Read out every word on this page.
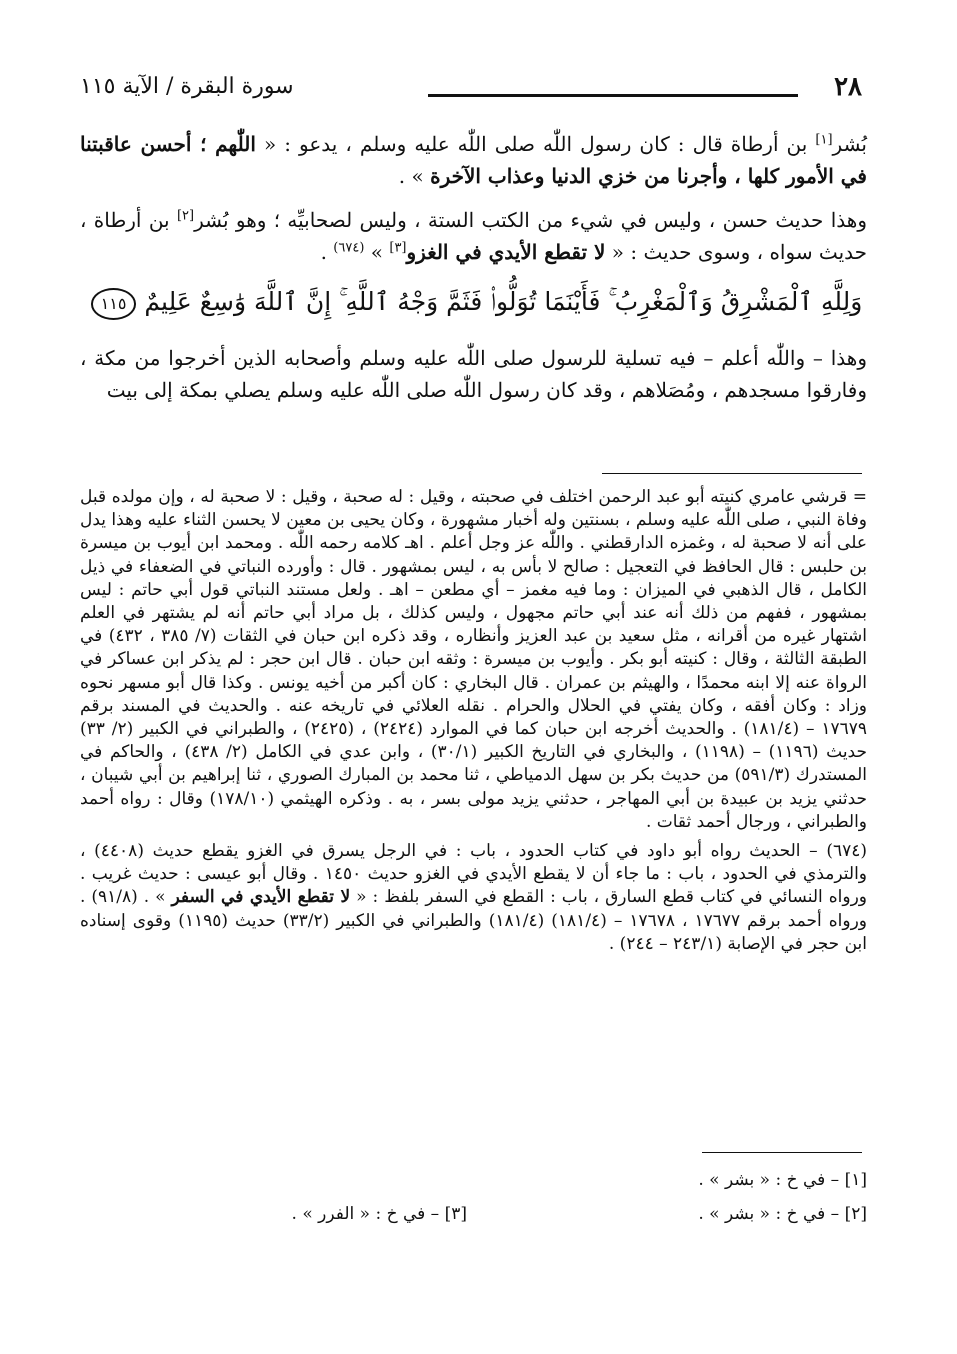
٢٨
سورة البقرة / الآية ١١٥

بُشر[١] بن أرطاة قال : كان رسول اللّٰه صلى اللّٰه عليه وسلم ، يدعو : « اللّٰهم ؛ أحسن عاقبتنا في الأمور كلها ، وأجرنا من خزي الدنيا وعذاب الآخرة » .

وهذا حديث حسن ، وليس في شيء من الكتب الستة ، وليس لصحابيِّه ؛ وهو بُشر[٢] بن أرطاة ، حديث سواه ، وسوى حديث : « لا تقطع الأيدي في الغزو[٣] » $^{(٦٧٤)}$ .

وَلِلَّهِ ٱلْمَشْرِقُ وَٱلْمَغْرِبُ ۚ فَأَيْنَمَا تُوَلُّوا۟ فَثَمَّ وَجْهُ ٱللَّهِ ۚ إِنَّ ٱللَّهَ وَٰسِعٌ عَلِيمٌ ١١٥

وهذا – واللّٰه أعلم – فيه تسلية للرسول صلى اللّٰه عليه وسلم وأصحابه الذين أخرجوا من مكة ، وفارقوا مسجدهم ، ومُصَلاهم ، وقد كان رسول اللّٰه صلى اللّٰه عليه وسلم يصلي بمكة إلى بيت

= قرشي عامري كنيته أبو عبد الرحمن اختلف في صحبته ، وقيل : له صحبة ، وقيل : لا صحبة له ، وإن مولده قبل وفاة النبي ، صلى اللّٰه عليه وسلم ، بسنتين وله أخبار مشهورة ، وكان يحيى بن معين لا يحسن الثناء عليه وهذا يدل على أنه لا صحبة له ، وغمزه الدارقطني . واللّٰه عز وجل أعلم . اهـ كلامه رحمه اللّٰه . ومحمد ابن أيوب بن ميسرة بن حلبس : قال الحافظ في التعجيل : صالح لا بأس به ، ليس بمشهور . قال : وأورده النباتي في الضعفاء في ذيل الكامل ، قال الذهبي في الميزان : وما فيه مغمز – أي مطعن – اهـ . ولعل مستند النباتي قول أبي حاتم : ليس بمشهور ، ففهم من ذلك أنه عند أبي حاتم مجهول ، وليس كذلك ، بل مراد أبي حاتم أنه لم يشتهر في العلم اشتهار غيره من أقرانه ، مثل سعيد بن عبد العزيز وأنظاره ، وقد ذكره ابن حبان في الثقات (٧/ ٣٨٥ ، ٤٣٢) في الطبقة الثالثة ، وقال : كنيته أبو بكر . وأيوب بن ميسرة : وثقه ابن حبان . قال ابن حجر : لم يذكر ابن عساكر في الرواة عنه إلا ابنه محمدًا ، والهيثم بن عمران . قال البخاري : كان أكبر من أخيه يونس . وكذا قال أبو مسهر نحوه وزاد : وكان أفقه ، وكان يفتي في الحلال والحرام . نقله العلائي في تاريخه عنه . والحديث في المسند برقم ١٧٦٧٩ – (١٨١/٤) . والحديث أخرجه ابن حبان كما في الموارد (٢٤٢٤) ، (٢٤٢٥) ، والطبراني في الكبير (٢/ ٣٣) حديث (١١٩٦) – (١١٩٨) ، والبخاري في التاريخ الكبير (٣٠/١) ، وابن عدي في الكامل (٢/ ٤٣٨) ، والحاكم في المستدرك (٥٩١/٣) من حديث بكر بن سهل الدمياطي ، ثنا محمد بن المبارك الصوري ، ثنا إبراهيم بن أبي شيبان ، حدثني يزيد بن عبيدة بن أبي المهاجر ، حدثني يزيد مولى بسر ، به . وذكره الهيثمي (١٧٨/١٠) وقال : رواه أحمد والطبراني ، ورجال أحمد ثقات .

(٦٧٤) – الحديث رواه أبو داود في كتاب الحدود ، باب : في الرجل يسرق في الغزو يقطع حديث (٤٤٠٨) ، والترمذي في الحدود ، باب : ما جاء أن لا يقطع الأيدي في الغزو حديث ١٤٥٠ . وقال أبو عيسى : حديث غريب . ورواه النسائي في كتاب قطع السارق ، باب : القطع في السفر بلفظ : « لا تقطع الأيدي في السفر » . (٩١/٨) . ورواه أحمد برقم ١٧٦٧٧ ، ١٧٦٧٨ – (١٨١/٤) (١٨١/٤) والطبراني في الكبير (٣٣/٢) حديث (١١٩٥) وقوى إسناده ابن حجر في الإصابة (٢٤٣/١ – ٢٤٤) .

[١] – في خ : « بشر » .
[٢] – في خ : « بشر » .
[٣] – في خ : « الفرر » .
